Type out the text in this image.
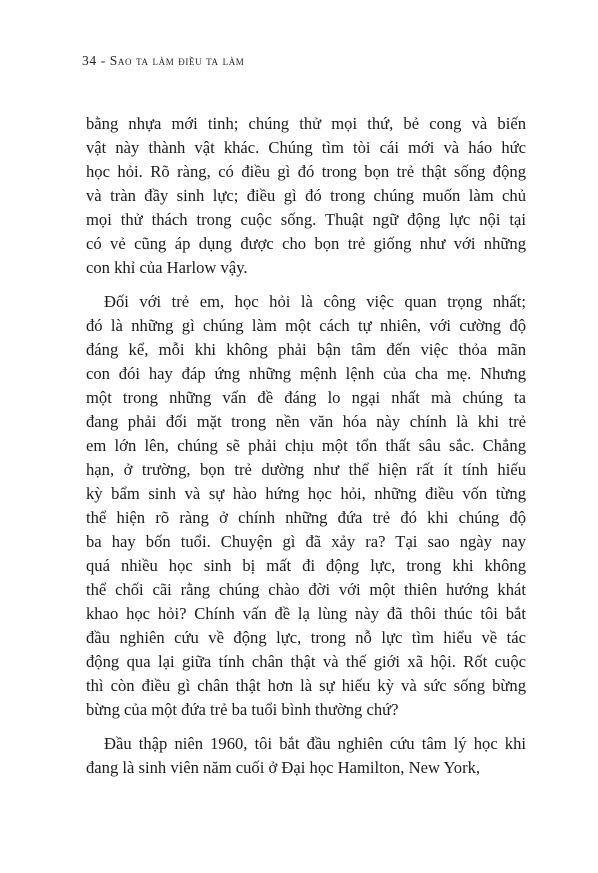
34 - Sao ta làm điều ta làm
bằng nhựa mới tinh; chúng thử mọi thứ, bẻ cong và biến
vật này thành vật khác. Chúng tìm tòi cái mới và háo hức
học hỏi. Rõ ràng, có điều gì đó trong bọn trẻ thật sống động
và tràn đầy sinh lực; điều gì đó trong chúng muốn làm chủ
mọi thử thách trong cuộc sống. Thuật ngữ động lực nội tại
có vẻ cũng áp dụng được cho bọn trẻ giống như với những
con khỉ của Harlow vậy.
Đối với trẻ em, học hỏi là công việc quan trọng nhất;
đó là những gì chúng làm một cách tự nhiên, với cường độ
đáng kể, mỗi khi không phải bận tâm đến việc thỏa mãn
con đói hay đáp ứng những mệnh lệnh của cha mẹ. Nhưng
một trong những vấn đề đáng lo ngại nhất mà chúng ta
đang phải đối mặt trong nền văn hóa này chính là khi trẻ
em lớn lên, chúng sẽ phải chịu một tổn thất sâu sắc. Chẳng
hạn, ở trường, bọn trẻ dường như thể hiện rất ít tính hiếu
kỳ bẩm sinh và sự hào hứng học hỏi, những điều vốn từng
thể hiện rõ ràng ở chính những đứa trẻ đó khi chúng độ
ba hay bốn tuổi. Chuyện gì đã xảy ra? Tại sao ngày nay
quá nhiều học sinh bị mất đi động lực, trong khi không
thể chối cãi rằng chúng chào đời với một thiên hướng khát
khao học hỏi? Chính vấn đề lạ lùng này đã thôi thúc tôi bắt
đầu nghiên cứu về động lực, trong nỗ lực tìm hiểu về tác
động qua lại giữa tính chân thật và thế giới xã hội. Rốt cuộc
thì còn điều gì chân thật hơn là sự hiếu kỳ và sức sống bừng
bừng của một đứa trẻ ba tuổi bình thường chứ?
Đầu thập niên 1960, tôi bắt đầu nghiên cứu tâm lý học khi
đang là sinh viên năm cuối ở Đại học Hamilton, New York,
